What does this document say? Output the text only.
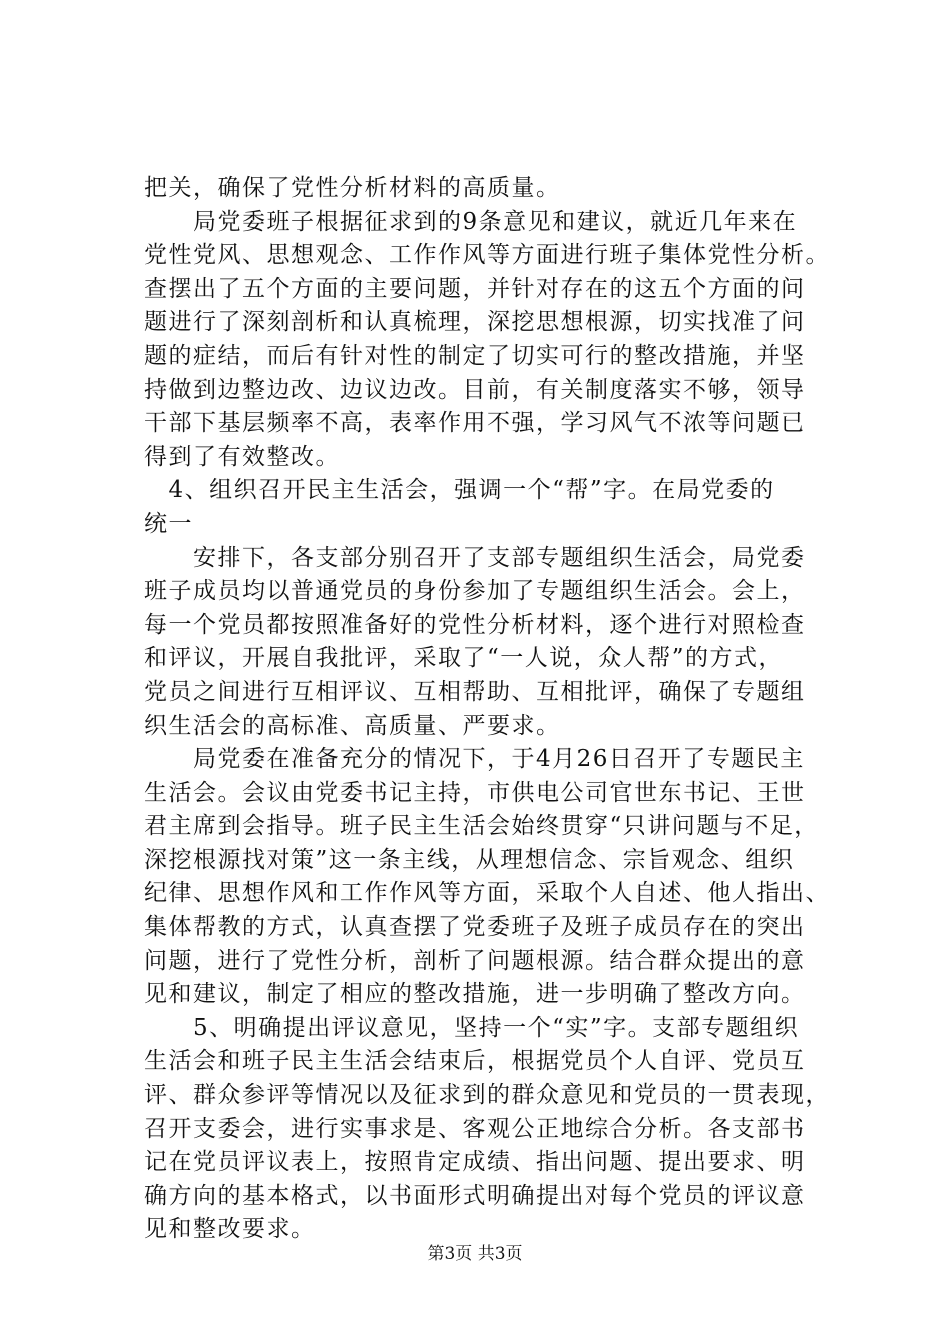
把关，确保了党性分析材料的高质量。
　　局党委班子根据征求到的9条意见和建议，就近几年来在
党性党风、思想观念、工作作风等方面进行班子集体党性分析。
查摆出了五个方面的主要问题，并针对存在的这五个方面的问
题进行了深刻剖析和认真梳理，深挖思想根源，切实找准了问
题的症结，而后有针对性的制定了切实可行的整改措施，并坚
持做到边整边改、边议边改。目前，有关制度落实不够，领导
干部下基层频率不高，表率作用不强，学习风气不浓等问题已
得到了有效整改。
　4、组织召开民主生活会，强调一个“帮”字。在局党委的
统一
　　安排下，各支部分别召开了支部专题组织生活会，局党委
班子成员均以普通党员的身份参加了专题组织生活会。会上，
每一个党员都按照准备好的党性分析材料，逐个进行对照检查
和评议，开展自我批评，采取了“一人说，众人帮”的方式，
党员之间进行互相评议、互相帮助、互相批评，确保了专题组
织生活会的高标准、高质量、严要求。
　　局党委在准备充分的情况下，于4月26日召开了专题民主
生活会。会议由党委书记主持，市供电公司官世东书记、王世
君主席到会指导。班子民主生活会始终贯穿“只讲问题与不足，
深挖根源找对策”这一条主线，从理想信念、宗旨观念、组织
纪律、思想作风和工作作风等方面，采取个人自述、他人指出、
集体帮教的方式，认真查摆了党委班子及班子成员存在的突出
问题，进行了党性分析，剖析了问题根源。结合群众提出的意
见和建议，制定了相应的整改措施，进一步明确了整改方向。
　　5、明确提出评议意见，坚持一个“实”字。支部专题组织
生活会和班子民主生活会结束后，根据党员个人自评、党员互
评、群众参评等情况以及征求到的群众意见和党员的一贯表现，
召开支委会，进行实事求是、客观公正地综合分析。各支部书
记在党员评议表上，按照肯定成绩、指出问题、提出要求、明
确方向的基本格式，以书面形式明确提出对每个党员的评议意
见和整改要求。
第3页 共3页
